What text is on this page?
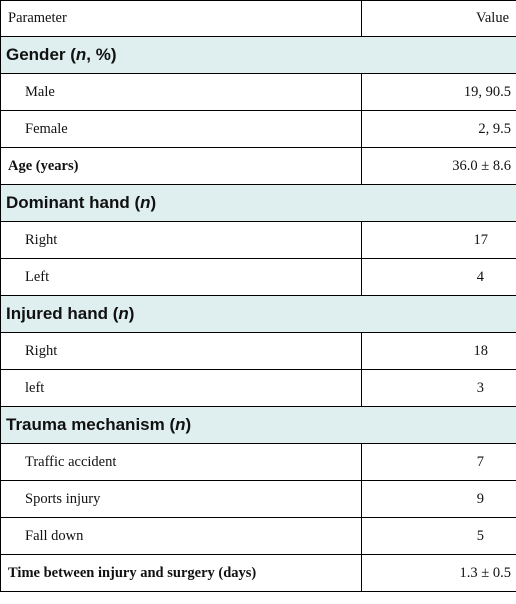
Parameter	Value
Gender (n, %)	
Male	19, 90.5
Female	2, 9.5
Age (years)	36.0 ± 8.6
Dominant hand (n)	
Right	17
Left	4
Injured hand (n)	
Right	18
left	3
Trauma mechanism (n)	
Traffic accident	7
Sports injury	9
Fall down	5
Time between injury and surgery (days)	1.3 ± 0.5
